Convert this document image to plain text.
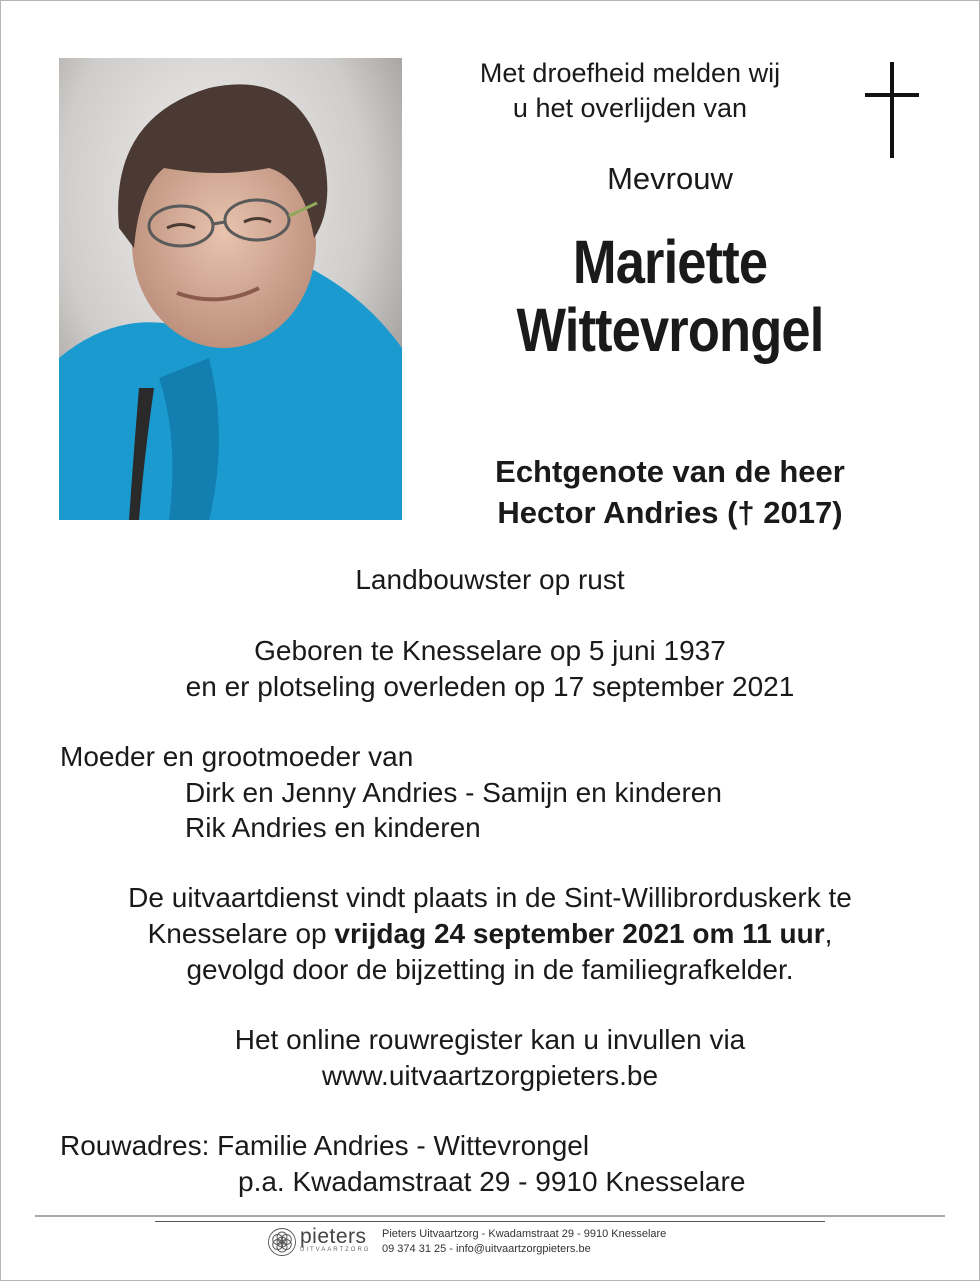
Met droefheid melden wij
u het overlijden van
Mevrouw
Mariette
Wittevrongel
Echtgenote van de heer
Hector Andries († 2017)
Landbouwster op rust
Geboren te Knesselare op 5 juni 1937
en er plotseling overleden op 17 september 2021
Moeder en grootmoeder van
Dirk en Jenny Andries - Samijn en kinderen
Rik Andries en kinderen
De uitvaartdienst vindt plaats in de Sint-Willibrorduskerk te
Knesselare op vrijdag 24 september 2021 om 11 uur,
gevolgd door de bijzetting in de familiegrafkelder.
Het online rouwregister kan u invullen via
www.uitvaartzorgpieters.be
Rouwadres: Familie Andries - Wittevrongel
p.a. Kwadamstraat 29 - 9910 Knesselare
pieters
UITVAARTZORG
Pieters Uitvaartzorg - Kwadamstraat 29 - 9910 Knesselare
09 374 31 25 - info@uitvaartzorgpieters.be
